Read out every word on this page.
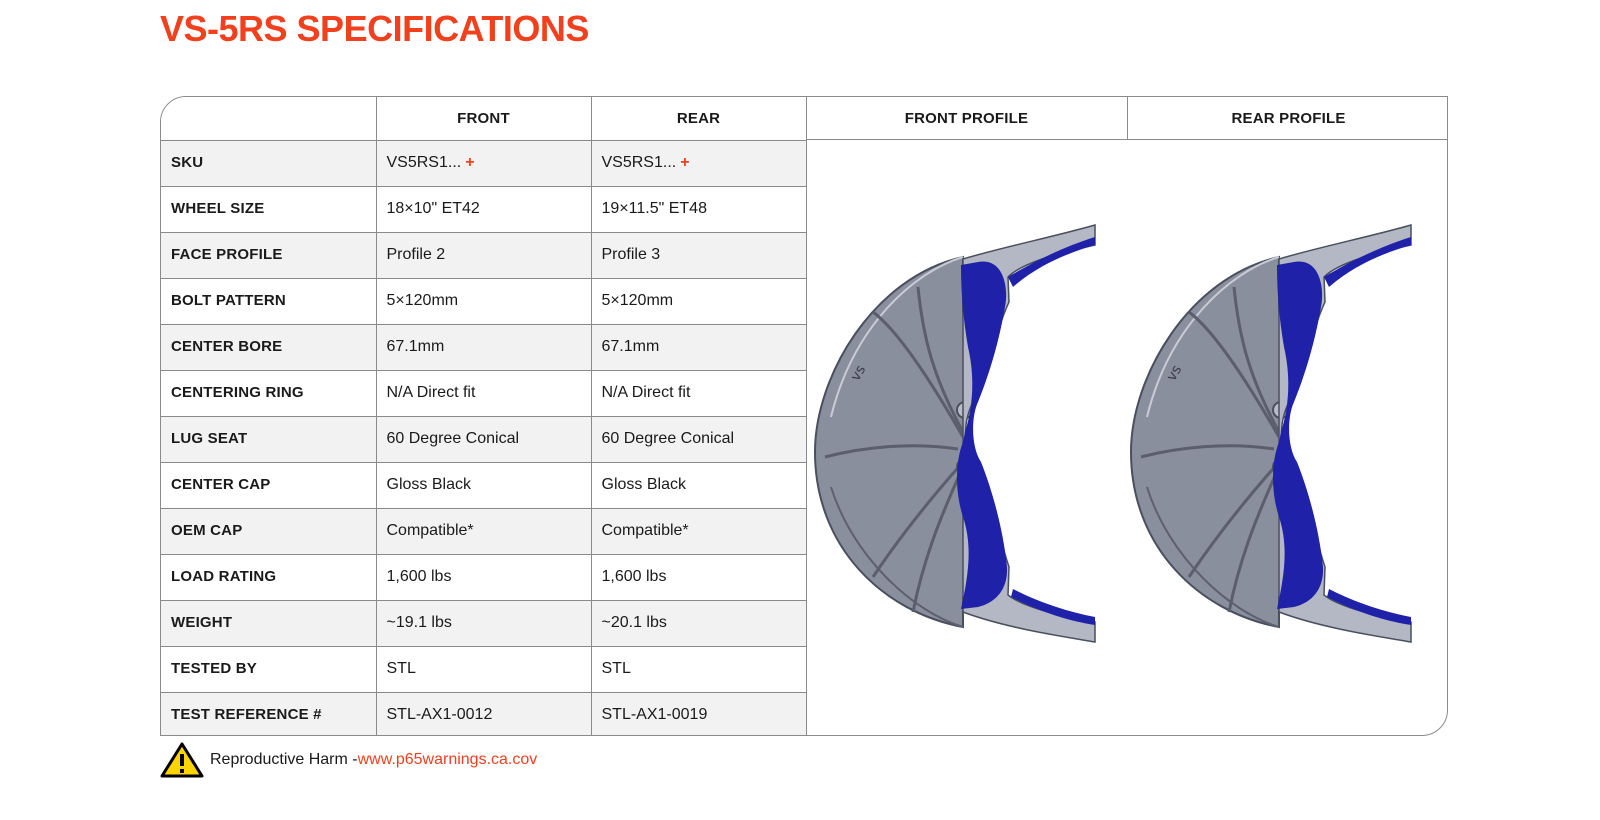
VS-5RS SPECIFICATIONS
	FRONT	REAR
SKU	VS5RS1... +	VS5RS1... +
WHEEL SIZE	18×10" ET42	19×11.5" ET48
FACE PROFILE	Profile 2	Profile 3
BOLT PATTERN	5×120mm	5×120mm
CENTER BORE	67.1mm	67.1mm
CENTERING RING	N/A Direct fit	N/A Direct fit
LUG SEAT	60 Degree Conical	60 Degree Conical
CENTER CAP	Gloss Black	Gloss Black
OEM CAP	Compatible*	Compatible*
LOAD RATING	1,600 lbs	1,600 lbs
WEIGHT	~19.1 lbs	~20.1 lbs
TESTED BY	STL	STL
TEST REFERENCE #	STL-AX1-0012	STL-AX1-0019
FRONT PROFILE	REAR PROFILE
vs	vs
Reproductive Harm - www.p65warnings.ca.cov
